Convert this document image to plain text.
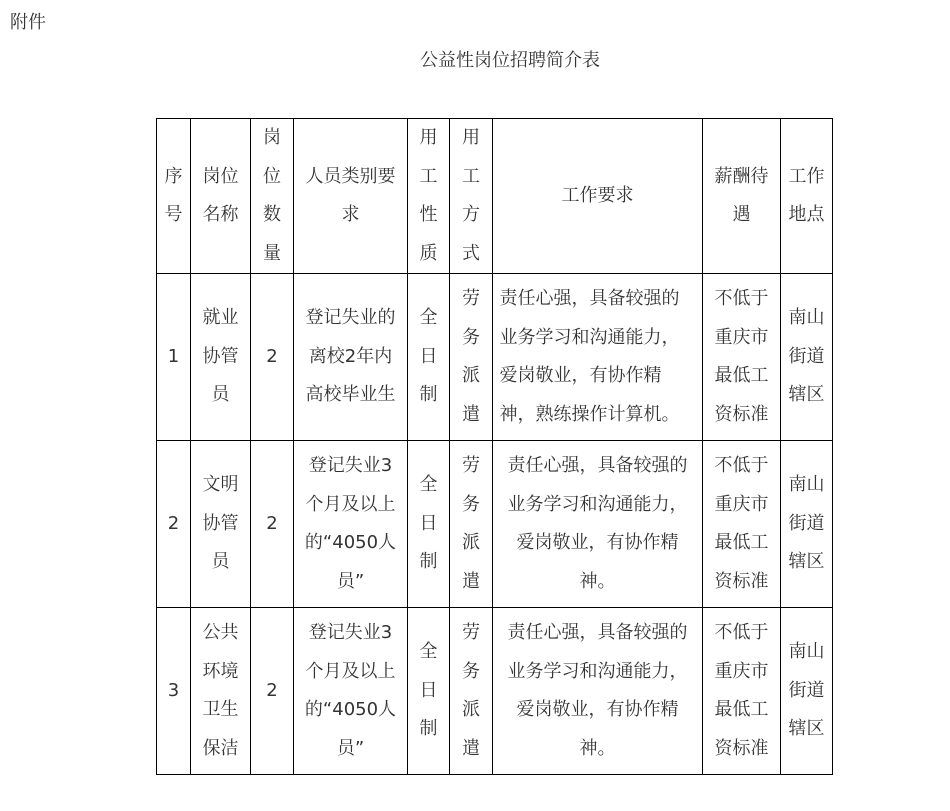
附件
公益性岗位招聘简介表
序号	岗位名称	岗位数量	人员类别要求	用工性质	用工方式	工作要求	薪酬待遇	工作地点

1	就业协管员	2	登记失业的离校2年内高校毕业生	全日制	劳务派遣	责任心强，具备较强的业务学习和沟通能力，爱岗敬业，有协作精神，熟练操作计算机。	不低于重庆市最低工资标准	南山街道辖区

2	文明协管员	2	登记失业3个月及以上的“4050人员”	全日制	劳务派遣	责任心强，具备较强的业务学习和沟通能力，爱岗敬业，有协作精神。	不低于重庆市最低工资标准	南山街道辖区

3	公共环境卫生保洁	2	登记失业3个月及以上的“4050人员”	全日制	劳务派遣	责任心强，具备较强的业务学习和沟通能力，爱岗敬业，有协作精神。	不低于重庆市最低工资标准	南山街道辖区
